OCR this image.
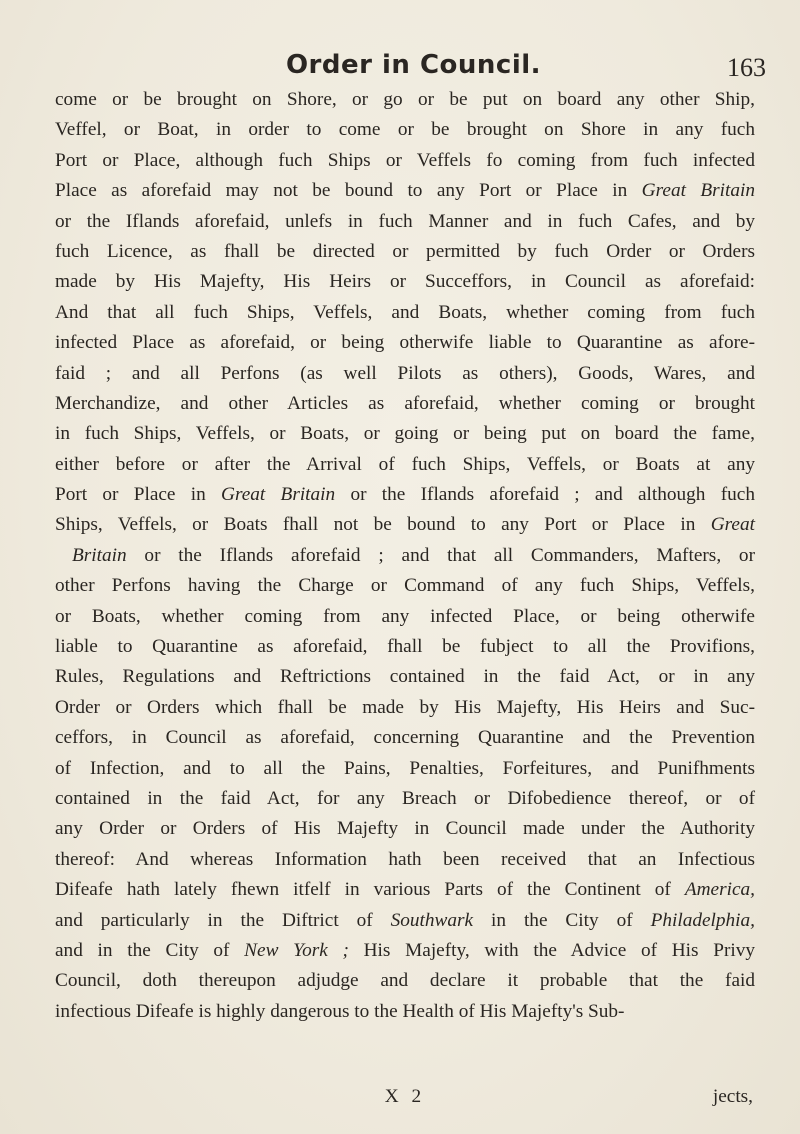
Order in Council.	163
come or be brought on Shore, or go or be put on board any other Ship,
Veffel, or Boat, in order to come or be brought on Shore in any fuch
Port or Place, although fuch Ships or Veffels fo coming from fuch infected
Place as aforefaid may not be bound to any Port or Place in Great Britain
or the Iflands aforefaid, unlefs in fuch Manner and in fuch Cafes, and by
fuch Licence, as fhall be directed or permitted by fuch Order or Orders
made by His Majefty, His Heirs or Succeffors, in Council as aforefaid:
And that all fuch Ships, Veffels, and Boats, whether coming from fuch
infected Place as aforefaid, or being otherwife liable to Quarantine as afore-
faid ; and all Perfons (as well Pilots as others), Goods, Wares, and
Merchandize, and other Articles as aforefaid, whether coming or brought
in fuch Ships, Veffels, or Boats, or going or being put on board the fame,
either before or after the Arrival of fuch Ships, Veffels, or Boats at any
Port or Place in Great Britain or the Iflands aforefaid ; and although fuch
Ships, Veffels, or Boats fhall not be bound to any Port or Place in Great
Britain or the Iflands aforefaid ; and that all Commanders, Mafters, or
other Perfons having the Charge or Command of any fuch Ships, Veffels,
or Boats, whether coming from any infected Place, or being otherwife
liable to Quarantine as aforefaid, fhall be fubject to all the Provifions,
Rules, Regulations and Reftrictions contained in the faid Act, or in any
Order or Orders which fhall be made by His Majefty, His Heirs and Suc-
ceffors, in Council as aforefaid, concerning Quarantine and the Prevention
of Infection, and to all the Pains, Penalties, Forfeitures, and Punifhments
contained in the faid Act, for any Breach or Difobedience thereof, or of
any Order or Orders of His Majefty in Council made under the Authority
thereof: And whereas Information hath been received that an Infectious
Difeafe hath lately fhewn itfelf in various Parts of the Continent of America,
and particularly in the Diftrict of Southwark in the City of Philadelphia,
and in the City of New York ; His Majefty, with the Advice of His Privy
Council, doth thereupon adjudge and declare it probable that the faid
infectious Difeafe is highly dangerous to the Health of His Majefty's Sub-
X 2	jects,
